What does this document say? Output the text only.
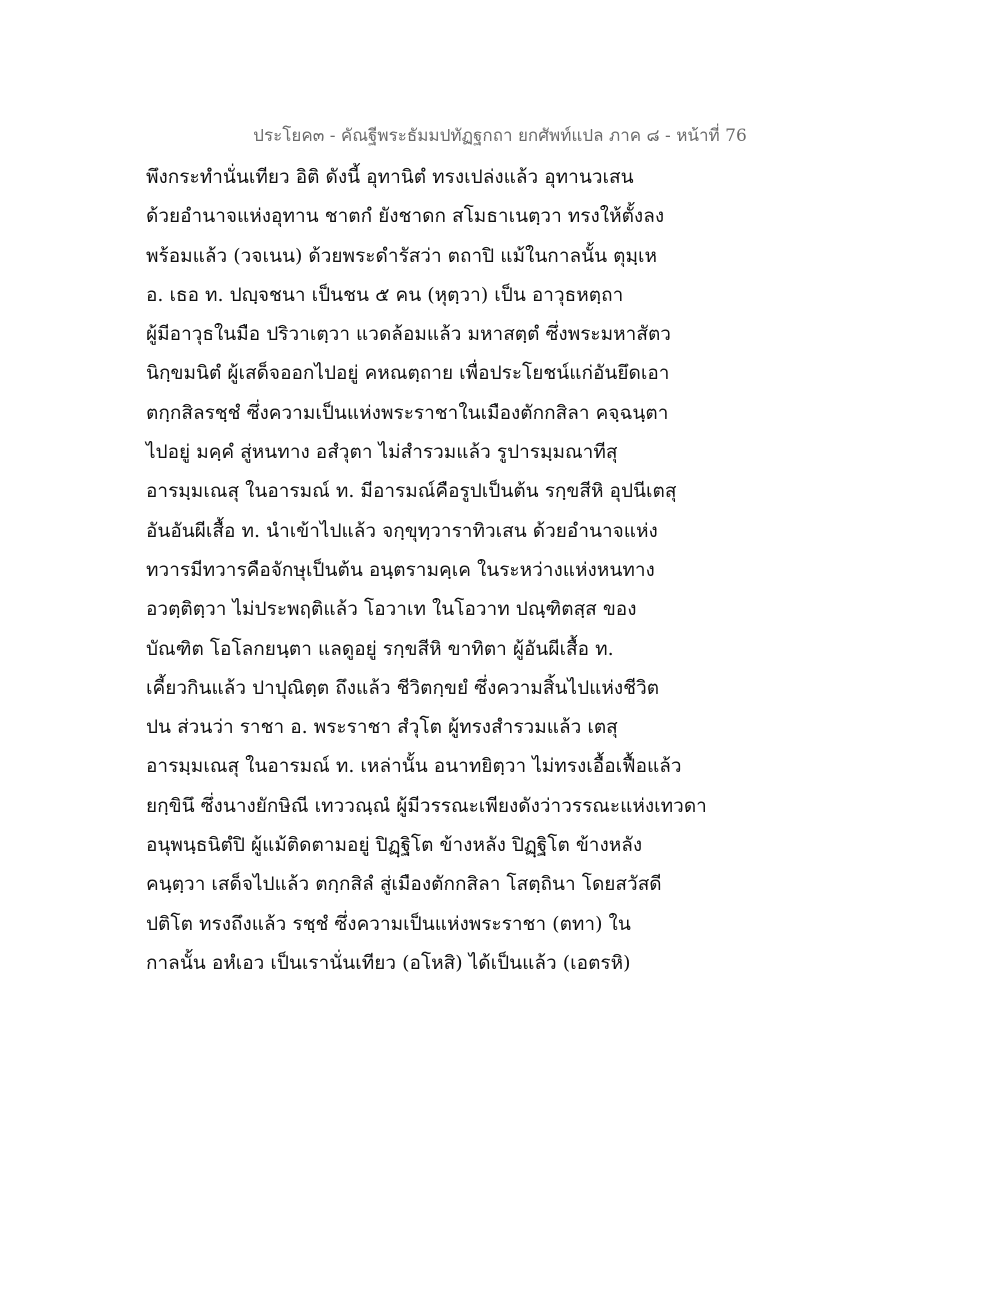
ประโยค๓ - คัณฐีพระธัมมปทัฏฐกถา ยกศัพท์แปล ภาค ๘ - หน้าที่ 76
พึงกระทำนั่นเทียว อิติ ดังนี้ อุทานิตํ ทรงเปล่งแล้ว อุทานวเสน
ด้วยอำนาจแห่งอุทาน ชาตกํ ยังชาดก สโมธาเนตฺวา ทรงให้ตั้งลง
พร้อมแล้ว (วจเนน) ด้วยพระดำรัสว่า ตถาปิ แม้ในกาลนั้น ตุมฺเห
อ. เธอ ท. ปญฺจชนา เป็นชน ๕ คน (หุตฺวา) เป็น อาวุธหตฺถา
ผู้มีอาวุธในมือ ปริวาเตฺวา แวดล้อมแล้ว มหาสตฺตํ ซึ่งพระมหาสัตว
นิกฺขมนิตํ ผู้เสด็จออกไปอยู่ คหณตฺถาย เพื่อประโยชน์แก่อันยึดเอา
ตกฺกสิลรชฺชํ ซึ่งความเป็นแห่งพระราชาในเมืองตักกสิลา คจฺฉนฺตา
ไปอยู่ มคฺคํ สู่หนทาง อสํวุตา ไม่สำรวมแล้ว รูปารมฺมณาทีสุ
อารมฺมเณสุ ในอารมณ์ ท. มีอารมณ์คือรูปเป็นต้น รกฺขสีหิ อุปนีเตสุ
อันอันผีเสื้อ ท. นำเข้าไปแล้ว จกฺขุทฺวาราทิวเสน ด้วยอำนาจแห่ง
ทวารมีทวารคือจักษุเป็นต้น อนฺตรามคฺเค ในระหว่างแห่งหนทาง
อวตฺติตฺวา ไม่ประพฤติแล้ว โอวาเท ในโอวาท ปณฺฑิตสฺส ของ
บัณฑิต โอโลกยนฺตา แลดูอยู่ รกฺขสีหิ ขาทิตา ผู้อันผีเสื้อ ท.
เคี้ยวกินแล้ว ปาปุณิตฺต ถึงแล้ว ชีวิตกฺขยํ ซึ่งความสิ้นไปแห่งชีวิต
ปน ส่วนว่า ราชา อ. พระราชา สํวุโต ผู้ทรงสำรวมแล้ว เตสุ
อารมฺมเณสุ ในอารมณ์ ท. เหล่านั้น อนาทยิตฺวา ไม่ทรงเอื้อเฟื้อแล้ว
ยกฺขินึ ซึ่งนางยักษิณี เทววณฺณํ ผู้มีวรรณะเพียงดังว่าวรรณะแห่งเทวดา
อนุพนฺธนิตํปิ ผู้แม้ติดตามอยู่ ปิฏฺฐิโต ข้างหลัง ปิฏฺฐิโต ข้างหลัง
คนฺตฺวา เสด็จไปแล้ว ตกฺกสิลํ สู่เมืองตักกสิลา โสตฺถินา โดยสวัสดี
ปติโต ทรงถึงแล้ว รชฺชํ ซึ่งความเป็นแห่งพระราชา (ตทา) ใน
กาลนั้น อหํเอว เป็นเรานั่นเทียว (อโหสิ) ได้เป็นแล้ว (เอตรหิ)
